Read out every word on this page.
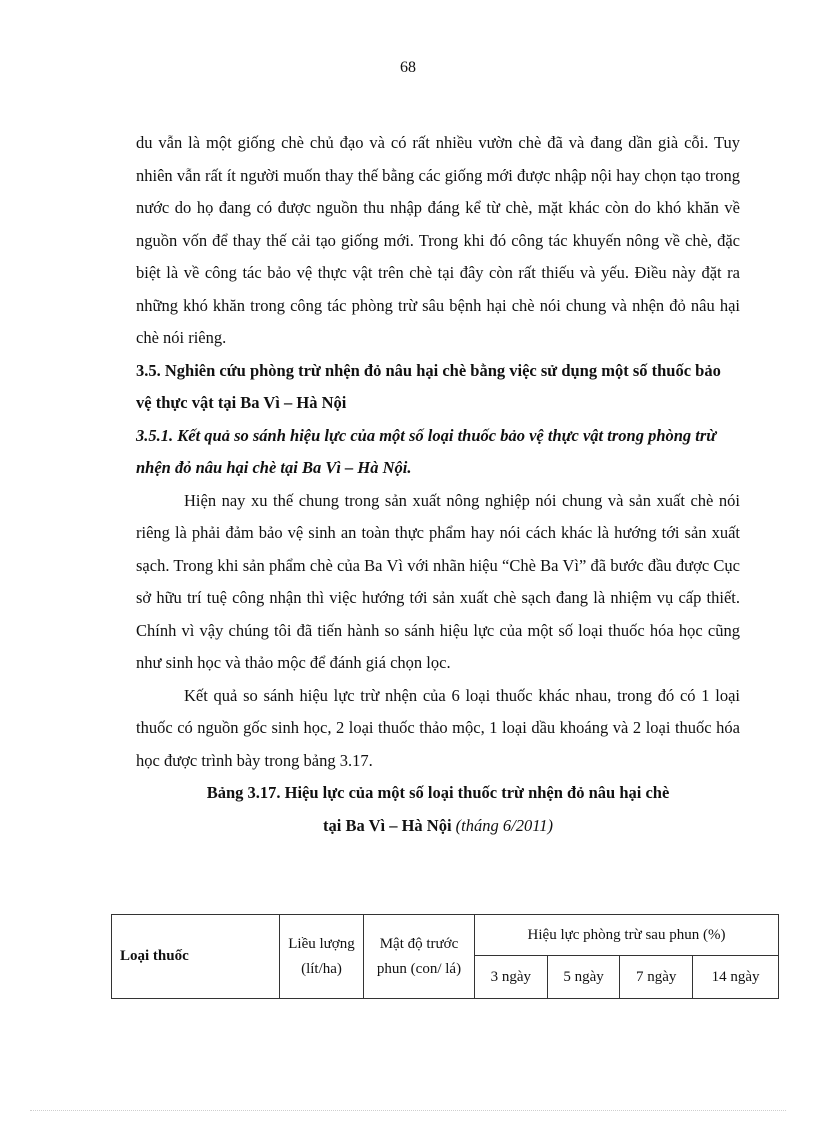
68

du vẫn là một giống chè chủ đạo và có rất nhiều vườn chè đã và đang dần già cỗi. Tuy nhiên vẫn rất ít người muốn thay thế bằng các giống mới được nhập nội hay chọn tạo trong nước do họ đang có được nguồn thu nhập đáng kể từ chè, mặt khác còn do khó khăn về nguồn vốn để thay thế cải tạo giống mới. Trong khi đó công tác khuyến nông về chè, đặc biệt là về công tác bảo vệ thực vật trên chè tại đây còn rất thiếu và yếu. Điều này đặt ra những khó khăn trong công tác phòng trừ sâu bệnh hại chè nói chung và nhện đỏ nâu hại chè nói riêng.

3.5. Nghiên cứu phòng trừ nhện đỏ nâu hại chè bằng việc sử dụng một số thuốc bảo vệ thực vật tại Ba Vì – Hà Nội

3.5.1. Kết quả so sánh hiệu lực của một số loại thuốc bảo vệ thực vật trong phòng trừ nhện đỏ nâu hại chè tại Ba Vì – Hà Nội.

Hiện nay xu thế chung trong sản xuất nông nghiệp nói chung và sản xuất chè nói riêng là phải đảm bảo vệ sinh an toàn thực phẩm hay nói cách khác là hướng tới sản xuất sạch. Trong khi sản phẩm chè của Ba Vì với nhãn hiệu “Chè Ba Vì” đã bước đầu được Cục sở hữu trí tuệ công nhận thì việc hướng tới sản xuất chè sạch đang là nhiệm vụ cấp thiết. Chính vì vậy chúng tôi đã tiến hành so sánh hiệu lực của một số loại thuốc hóa học cũng như sinh học và thảo mộc để đánh giá chọn lọc.

Kết quả so sánh hiệu lực trừ nhện của 6 loại thuốc khác nhau, trong đó có 1 loại thuốc có nguồn gốc sinh học, 2 loại thuốc thảo mộc, 1 loại dầu khoáng và 2 loại thuốc hóa học được trình bày trong bảng 3.17.

Bảng 3.17. Hiệu lực của một số loại thuốc trừ nhện đỏ nâu hại chè
tại Ba Vì – Hà Nội (tháng 6/2011)

Loại thuốc	Liều lượng (lít/ha)	Mật độ trước phun (con/ lá)	Hiệu lực phòng trừ sau phun (%)			
			3 ngày	5 ngày	7 ngày	14 ngày
